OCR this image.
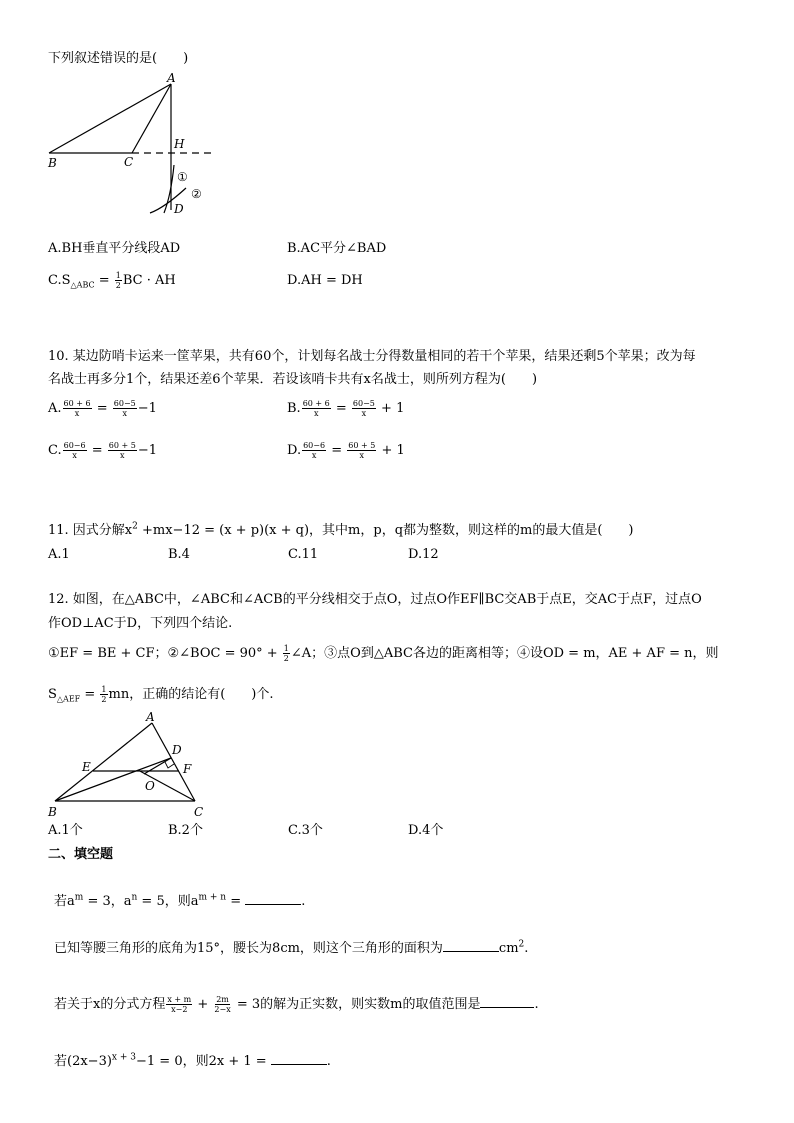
下列叙述错误的是(　　)
A
B	C
H
D
①
②
A.BH垂直平分线段AD	B.AC平分∠BAD
$C.S_{\triangle ABC} = \frac{1}{2}$ BC · AH	D.AH = DH
10. 某边防哨卡运来一筐苹果，共有60个，计划每名战士分得数量相同的若干个苹果，结果还剩5个苹果；改为每
名战士再多分1个，结果还差6个苹果．若设该哨卡共有x名战士，则所列方程为(　　)
A. $\frac{60 + 6}{x} = \frac{60-5}{x} -1$	B. $\frac{60 + 6}{x} = \frac{60-5}{x} + 1$
C. $\frac{60-6}{x} = \frac{60 + 5}{x} -1$	D. $\frac{60-6}{x} = \frac{60 + 5}{x} + 1$
11. 因式分解$x^2 +mx-12 = (x + p)(x + q)$，其中m，p，q都为整数，则这样的m的最大值是(　　)
A.1	B.4	C.11	D.12
12. 如图，在△ABC中，∠ABC和∠ACB的平分线相交于点O，过点O作EF∥BC交AB于点E，交AC于点F，过点O
作OD⊥AC于D，下列四个结论.
①EF = BE + CF；②∠BOC = $90^\circ + \frac{1}{2}$ ∠A；③点O到△ABC各边的距离相等；④设OD = m，AE + AF = n，则
$S_{\triangle AEF} = \frac{1}{2}$ mn，正确的结论有(　　)个.
A
B	C
D
E	F
O
A.1个	B.2个	C.3个	D.4个
二、填空题
若$a^m = 3$，$a^n = 5$，则$a^{m + n}$ =	.
已知等腰三角形的底角为15°，腰长为8cm，则这个三角形的面积为	$cm^2$.
若关于x的分式方程 $\frac{x + m}{x-2} + \frac{2m}{2-x} = 3$的解为正实数，则实数m的取值范围是	.
若$(2x-3)^{x + 3}-1 = 0$，则2x + 1 =	.
